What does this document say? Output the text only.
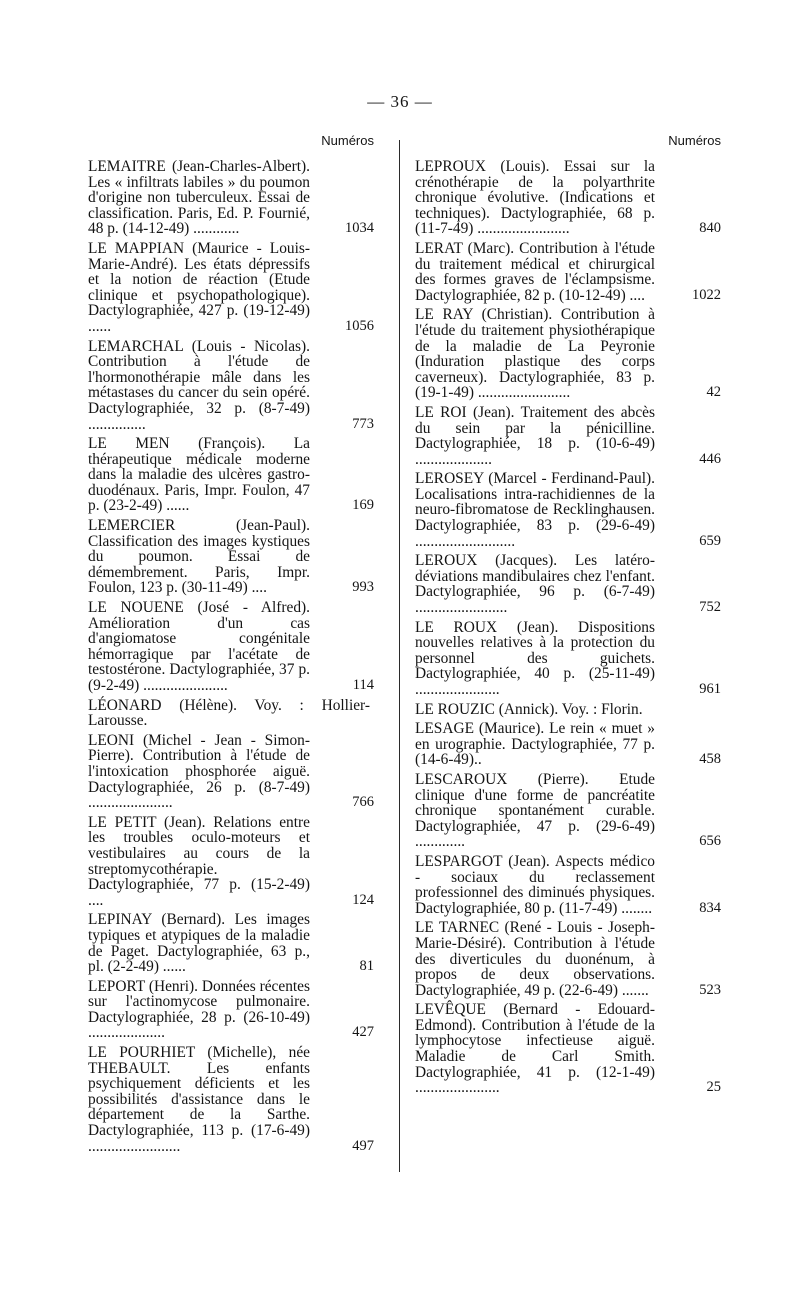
— 36 —
Numéros
LEMAITRE (Jean-Charles-Albert). Les « infiltrats labiles » du poumon d'origine non tuberculeux. Essai de classification. Paris, Ed. P. Fournié, 48 p. (14-12-49) ............	1034
LE MAPPIAN (Maurice - Louis-Marie-André). Les états dépressifs et la notion de réaction (Etude clinique et psychopathologique). Dactylographiée, 427 p. (19-12-49) ......	1056
LEMARCHAL (Louis - Nicolas). Contribution à l'étude de l'hormonothérapie mâle dans les métastases du cancer du sein opéré. Dactylographiée, 32 p. (8-7-49) ...............	773
LE MEN (François). La thérapeutique médicale moderne dans la maladie des ulcères gastro-duodénaux. Paris, Impr. Foulon, 47 p. (23-2-49) ......	169
LEMERCIER (Jean-Paul). Classification des images kystiques du poumon. Essai de démembrement. Paris, Impr. Foulon, 123 p. (30-11-49) ....	993
LE NOUENE (José - Alfred). Amélioration d'un cas d'angiomatose congénitale hémorragique par l'acétate de testostérone. Dactylographiée, 37 p. (9-2-49) ......................	114
LÉONARD (Hélène). Voy. : Hollier-Larousse.
LEONI (Michel - Jean - Simon-Pierre). Contribution à l'étude de l'intoxication phosphorée aiguë. Dactylographiée, 26 p. (8-7-49) ......................	766
LE PETIT (Jean). Relations entre les troubles oculo-moteurs et vestibulaires au cours de la streptomycothérapie. Dactylographiée, 77 p. (15-2-49) ....	124
LEPINAY (Bernard). Les images typiques et atypiques de la maladie de Paget. Dactylographiée, 63 p., pl. (2-2-49) ......	81
LEPORT (Henri). Données récentes sur l'actinomycose pulmonaire. Dactylographiée, 28 p. (26-10-49) ....................	427
LE POURHIET (Michelle), née THEBAULT. Les enfants psychiquement déficients et les possibilités d'assistance dans le département de la Sarthe. Dactylographiée, 113 p. (17-6-49) ........................	497
Numéros
LEPROUX (Louis). Essai sur la crénothérapie de la polyarthrite chronique évolutive. (Indications et techniques). Dactylographiée, 68 p. (11-7-49) ........................	840
LERAT (Marc). Contribution à l'étude du traitement médical et chirurgical des formes graves de l'éclampsisme. Dactylographiée, 82 p. (10-12-49) ....	1022
LE RAY (Christian). Contribution à l'étude du traitement physiothérapique de la maladie de La Peyronie (Induration plastique des corps caverneux). Dactylographiée, 83 p. (19-1-49) ........................	42
LE ROI (Jean). Traitement des abcès du sein par la pénicilline. Dactylographiée, 18 p. (10-6-49) ....................	446
LEROSEY (Marcel - Ferdinand-Paul). Localisations intra-rachidiennes de la neuro-fibromatose de Recklinghausen. Dactylographiée, 83 p. (29-6-49) ..........................	659
LEROUX (Jacques). Les latéro-déviations mandibulaires chez l'enfant. Dactylographiée, 96 p. (6-7-49) ........................	752
LE ROUX (Jean). Dispositions nouvelles relatives à la protection du personnel des guichets. Dactylographiée, 40 p. (25-11-49) ......................	961
LE ROUZIC (Annick). Voy. : Florin.
LESAGE (Maurice). Le rein « muet » en urographie. Dactylographiée, 77 p. (14-6-49)..	458
LESCAROUX (Pierre). Etude clinique d'une forme de pancréatite chronique spontanément curable. Dactylographiée, 47 p. (29-6-49) .............	656
LESPARGOT (Jean). Aspects médico - sociaux du reclassement professionnel des diminués physiques. Dactylographiée, 80 p. (11-7-49) ........	834
LE TARNEC (René - Louis - Joseph-Marie-Désiré). Contribution à l'étude des diverticules du duonénum, à propos de deux observations. Dactylographiée, 49 p. (22-6-49) .......	523
LEVÊQUE (Bernard - Edouard-Edmond). Contribution à l'étude de la lymphocytose infectieuse aiguë. Maladie de Carl Smith. Dactylographiée, 41 p. (12-1-49) ......................	25
